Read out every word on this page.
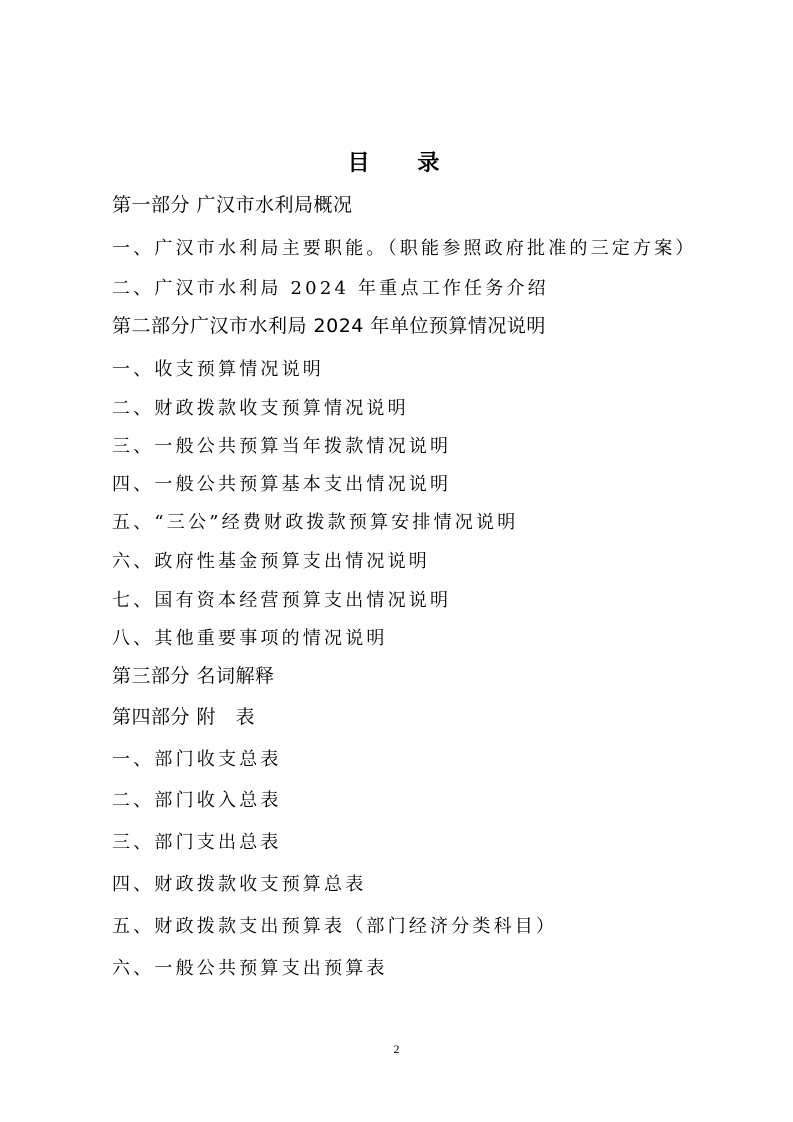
目 录
第一部分 广汉市水利局概况
一、广汉市水利局主要职能。（职能参照政府批准的三定方案）
二、广汉市水利局 2024 年重点工作任务介绍
第二部分广汉市水利局 2024 年单位预算情况说明
一、收支预算情况说明
二、财政拨款收支预算情况说明
三、一般公共预算当年拨款情况说明
四、一般公共预算基本支出情况说明
五、“三公”经费财政拨款预算安排情况说明
六、政府性基金预算支出情况说明
七、国有资本经营预算支出情况说明
八、其他重要事项的情况说明
第三部分 名词解释
第四部分 附　表
一、部门收支总表
二、部门收入总表
三、部门支出总表
四、财政拨款收支预算总表
五、财政拨款支出预算表（部门经济分类科目）
六、一般公共预算支出预算表
2
